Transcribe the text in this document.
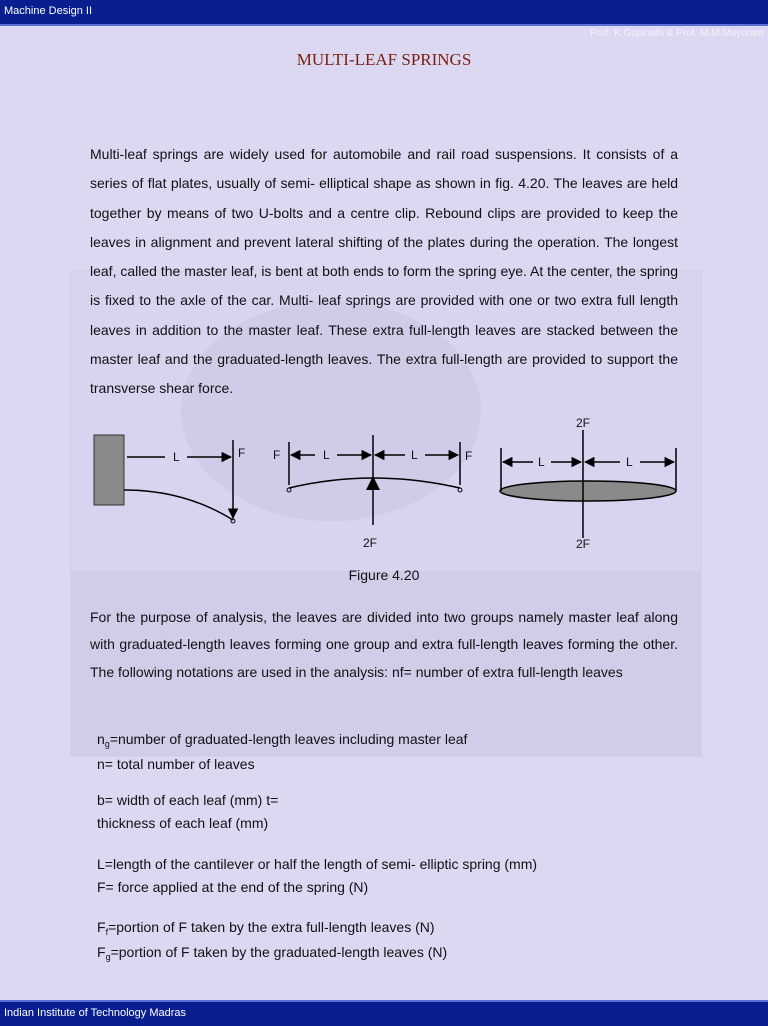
Machine Design II
Prof. K.Gopinath & Prof. M.M.Mayuram
MULTI-LEAF SPRINGS

Multi-leaf springs are widely used for automobile and rail road suspensions. It consists of a series of flat plates, usually of semi- elliptical shape as shown in fig. 4.20. The leaves are held together by means of two U-bolts and a centre clip. Rebound clips are provided to keep the leaves in alignment and prevent lateral shifting of the plates during the operation. The longest leaf, called the master leaf, is bent at both ends to form the spring eye. At the center, the spring is fixed to the axle of the car. Multi- leaf springs are provided with one or two extra full length leaves in addition to the master leaf. These extra full-length leaves are stacked between the master leaf and the graduated-length leaves. The extra full-length are provided to support the transverse shear force.

L	F	L	L
F	F
2F
L	L
2F
2F
Figure 4.20

For the purpose of analysis, the leaves are divided into two groups namely master leaf along with graduated-length leaves forming one group and extra full-length leaves forming the other. The following notations are used in the analysis: nf= number of extra full-length leaves

$n_g=number$ of graduated-length leaves including master leaf
n= total number of leaves
b= width of each leaf (mm) t=
thickness of each leaf (mm)
L=length of the cantilever or half the length of semi- elliptic spring (mm)
F= force applied at the end of the spring (N)
$F_f=portion$ of F taken by the extra full-length leaves (N)
$F_g=portion$ of F taken by the graduated-length leaves (N)
Indian Institute of Technology Madras
